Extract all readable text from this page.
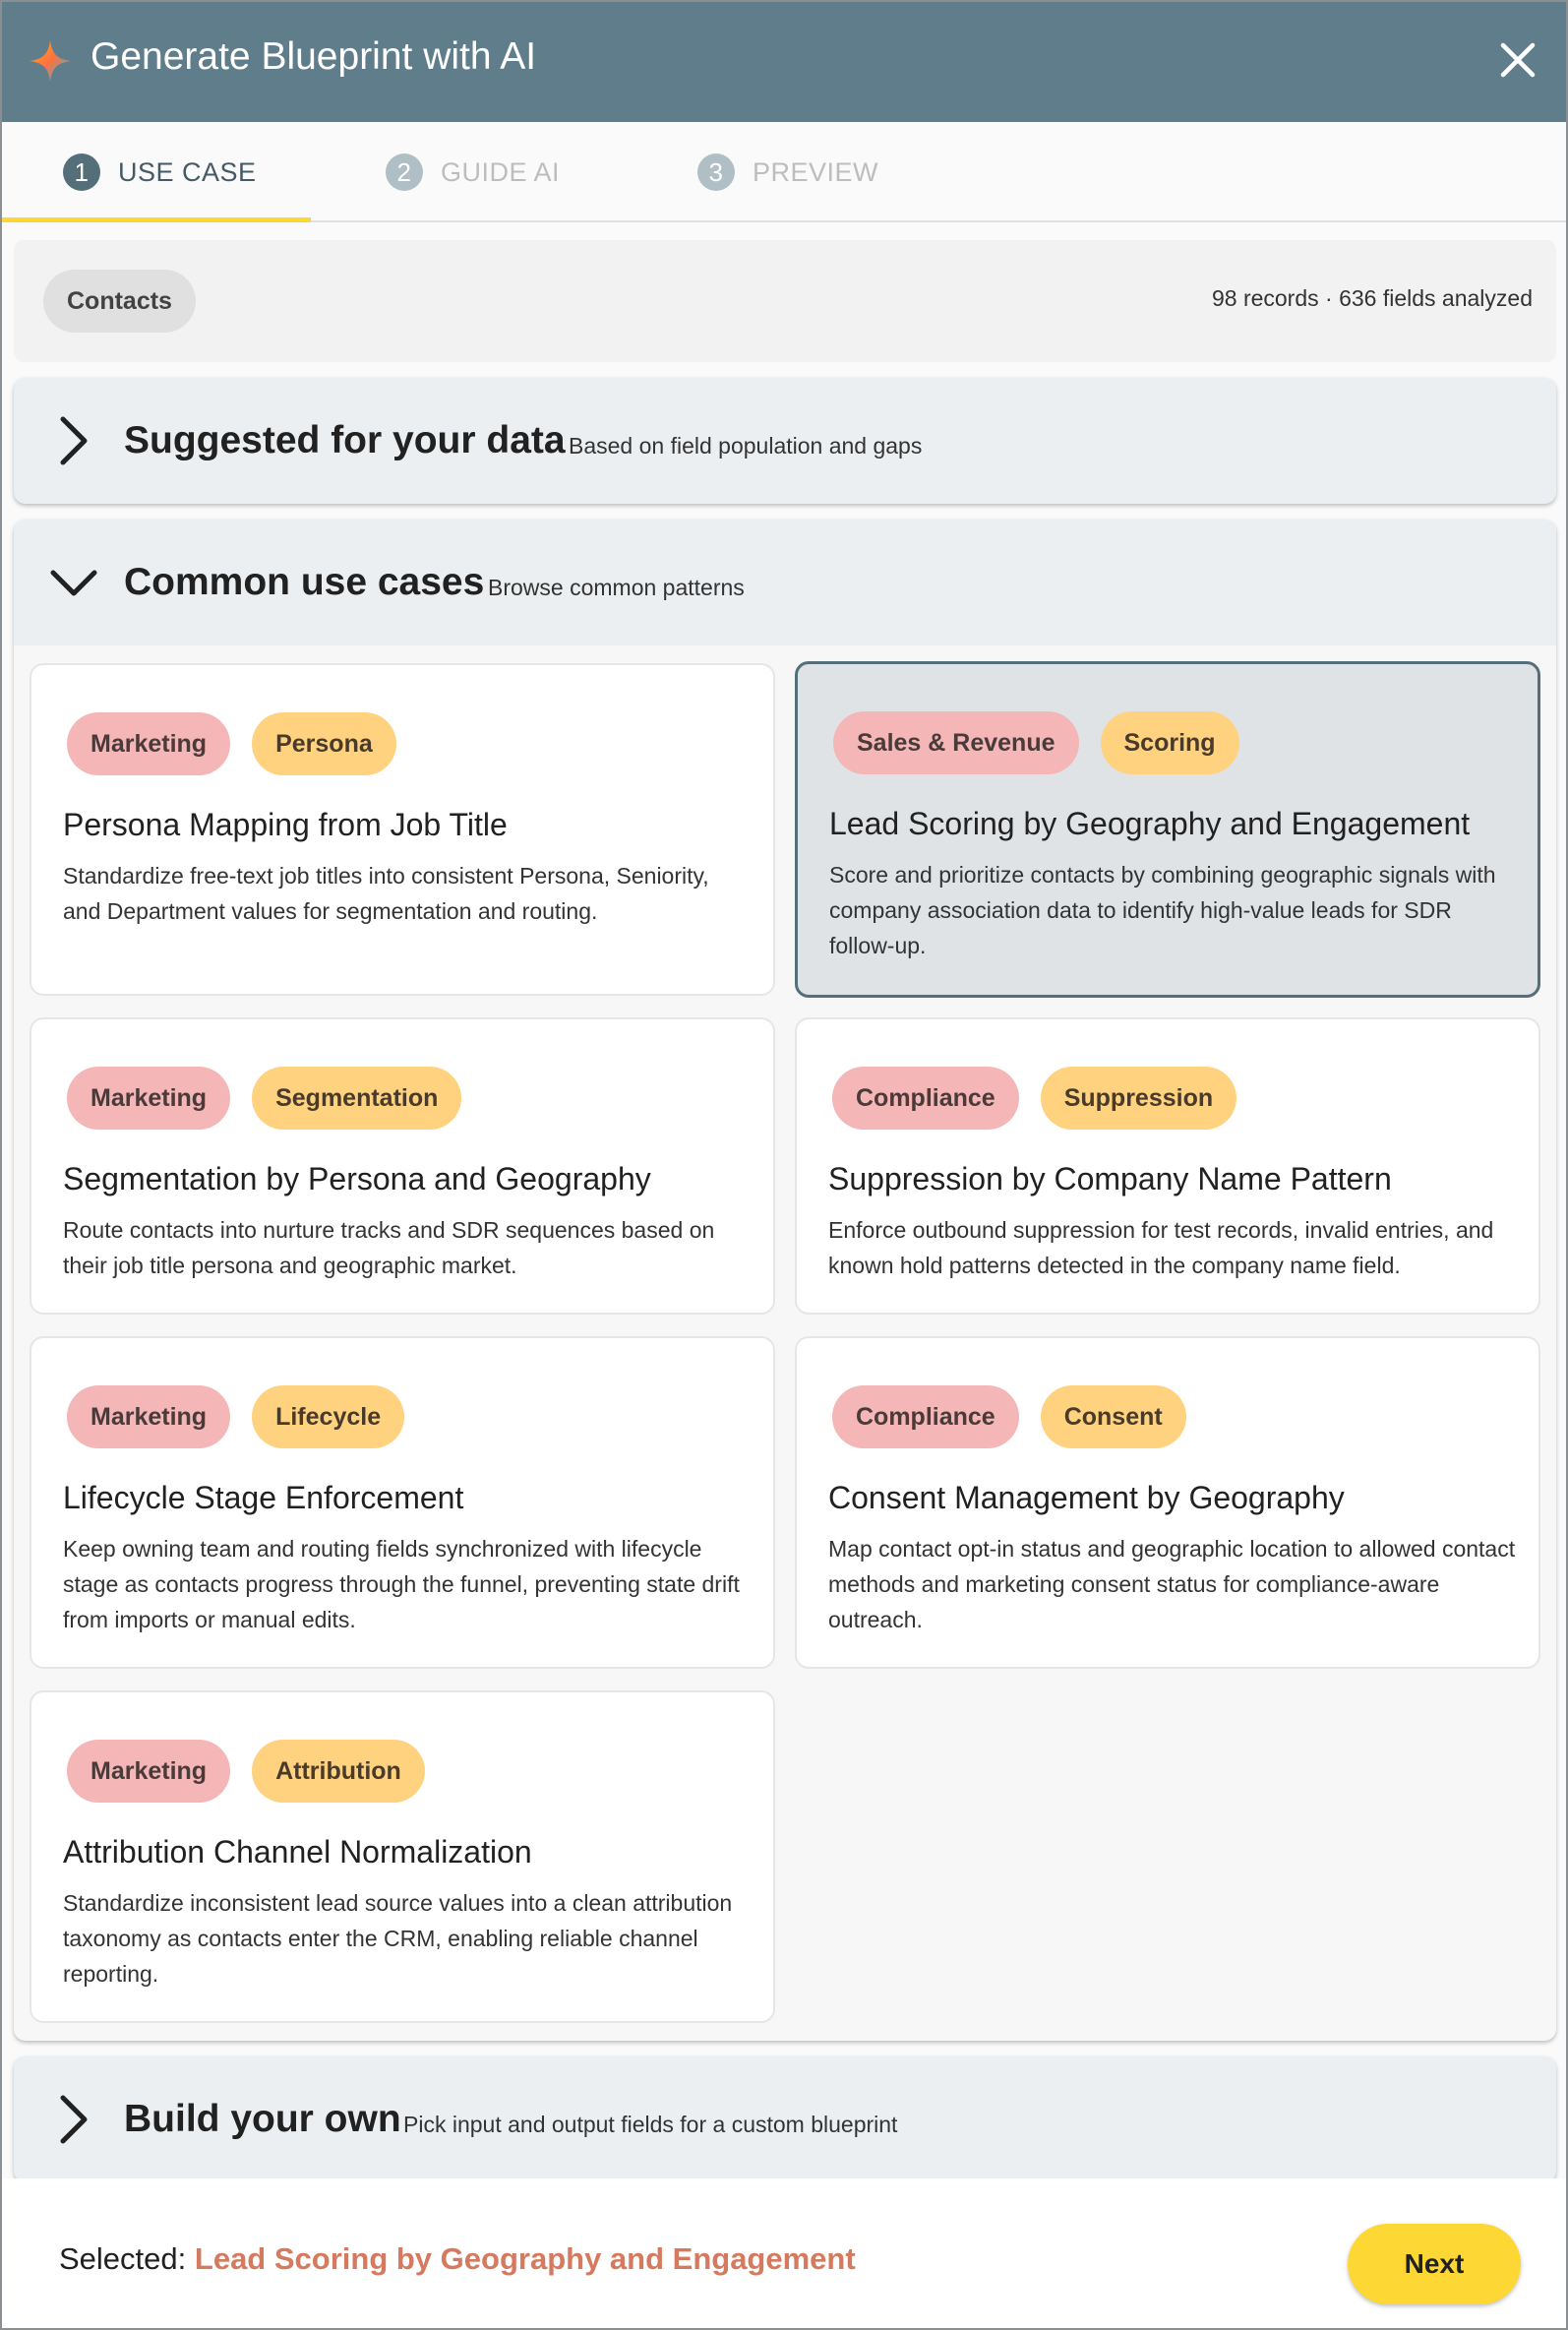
Generate Blueprint with AI
1	USE CASE	2	GUIDE AI	3	PREVIEW
Contacts	98 records · 636 fields analyzed
Suggested for your data Based on field population and gaps
Common use cases Browse common patterns
Marketing	Persona
Persona Mapping from Job Title
Standardize free-text job titles into consistent Persona, Seniority, and Department values for segmentation and routing.
Sales & Revenue	Scoring
Lead Scoring by Geography and Engagement
Score and prioritize contacts by combining geographic signals with company association data to identify high-value leads for SDR follow-up.
Marketing	Segmentation
Segmentation by Persona and Geography
Route contacts into nurture tracks and SDR sequences based on their job title persona and geographic market.
Compliance	Suppression
Suppression by Company Name Pattern
Enforce outbound suppression for test records, invalid entries, and known hold patterns detected in the company name field.
Marketing	Lifecycle
Lifecycle Stage Enforcement
Keep owning team and routing fields synchronized with lifecycle stage as contacts progress through the funnel, preventing state drift from imports or manual edits.
Compliance	Consent
Consent Management by Geography
Map contact opt-in status and geographic location to allowed contact methods and marketing consent status for compliance-aware outreach.
Marketing	Attribution
Attribution Channel Normalization
Standardize inconsistent lead source values into a clean attribution taxonomy as contacts enter the CRM, enabling reliable channel reporting.
Build your own Pick input and output fields for a custom blueprint
Selected: Lead Scoring by Geography and Engagement	Next
